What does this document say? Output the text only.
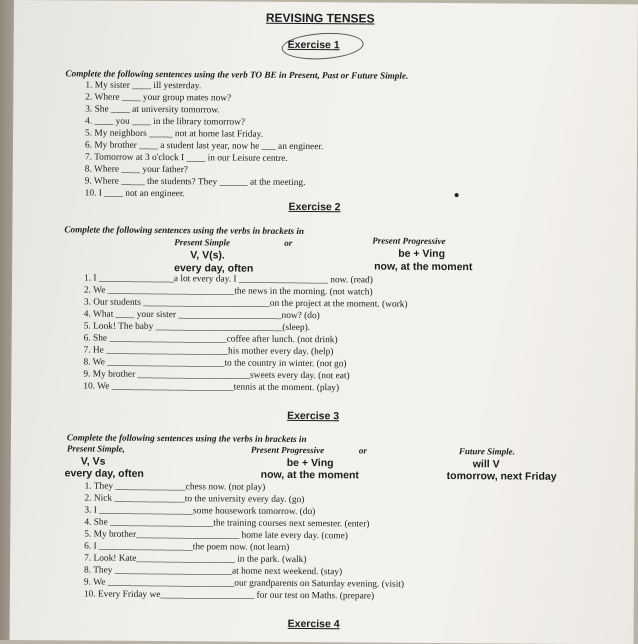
REVISING TENSES
Exercise 1
Complete the following sentences using the verb TO BE in Present, Past or Future Simple.
1. My sister ____ ill yesterday.
2. Where ____ your group mates now?
3. She ____ at university tomorrow.
4. ____ you ____ in the library tomorrow?
5. My neighbors _____ not at home last Friday.
6. My brother ____ a student last year, now he ___ an engineer.
7. Tomorrow at 3 o'clock I ____ in our Leisure centre.
8. Where ____ your father?
9. Where _____ the students? They ______ at the meeting.
10. I ____ not an engineer.
Exercise 2
Complete the following sentences using the verbs in brackets in
Present Simple	or	Present Progressive
V, V(s).	be + Ving
every day, often	now, at the moment
1. I ________________a lot every day. I ___________________ now. (read)
2. We ___________________________the news in the morning. (not watch)
3. Our students ___________________________on the project at the moment. (work)
4. What ____ your sister ______________________now? (do)
5. Look! The baby ___________________________(sleep).
6. She _________________________coffee after lunch. (not drink)
7. He __________________________his mother every day. (help)
8. We _________________________to the country in winter. (not go)
9. My brother ________________________sweets every day. (not eat)
10. We __________________________tennis at the moment. (play)
Exercise 3
Complete the following sentences using the verbs in brackets in
Present Simple,	Present Progressive	or	Future Simple.
V, Vs	be + Ving	will V
every day, often	now, at the moment	tomorrow, next Friday
1. They _______________chess now. (not play)
2. Nick _______________to the university every day. (go)
3. I ____________________some housework tomorrow. (do)
4. She ______________________the training courses next semester. (enter)
5. My brother______________________ home late every day. (come)
6. I ____________________the poem now. (not learn)
7. Look! Kate_____________________ in the park. (walk)
8. They _________________________at home next weekend. (stay)
9. We ___________________________our grandparents on Saturday evening. (visit)
10. Every Friday we____________________ for our test on Maths. (prepare)
Exercise 4
